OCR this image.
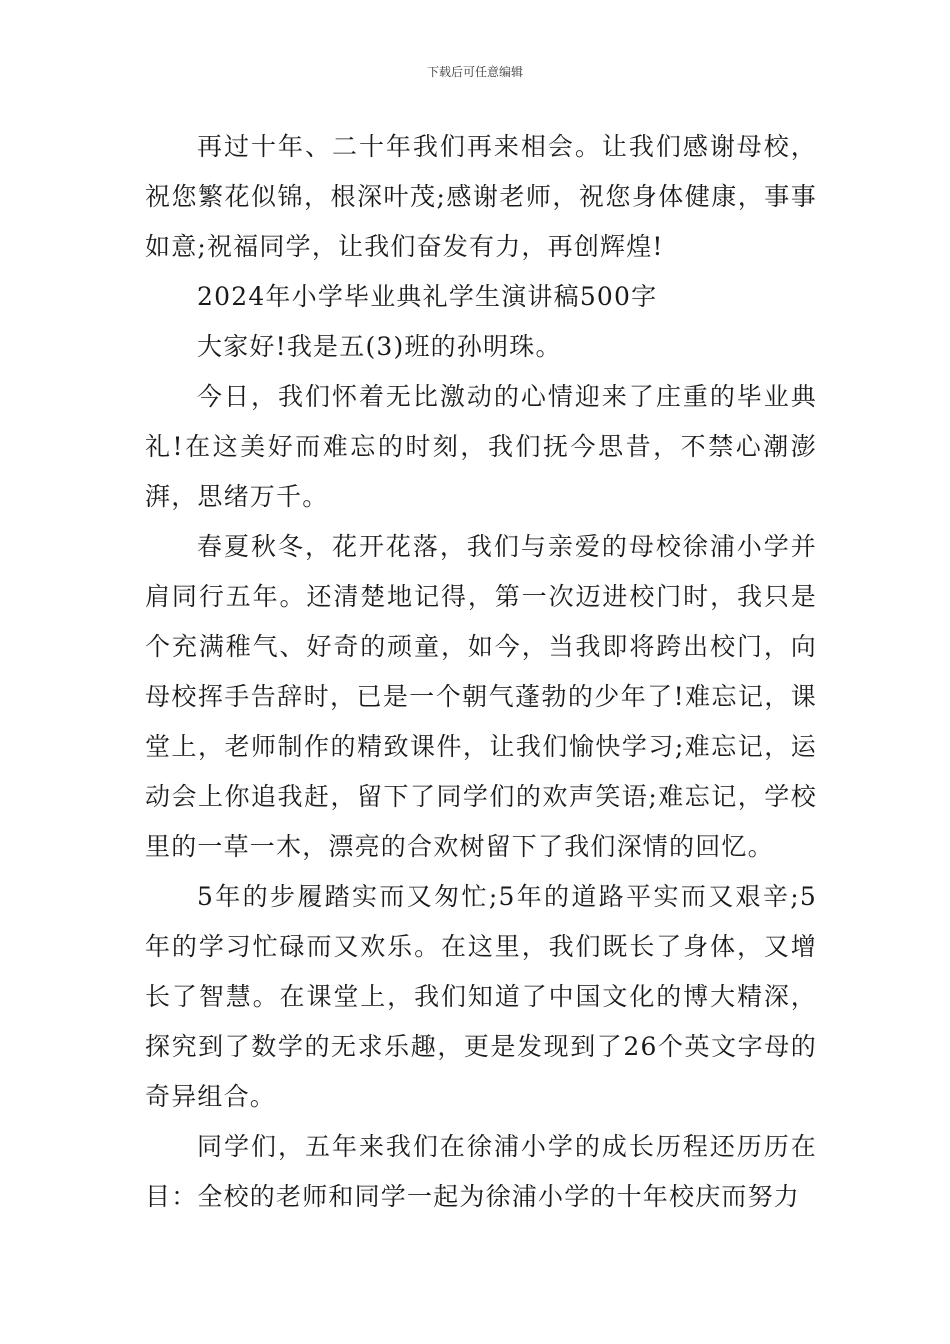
下载后可任意编辑

再过十年、二十年我们再来相会。让我们感谢母校，祝您繁花似锦，根深叶茂;感谢老师，祝您身体健康，事事如意;祝福同学，让我们奋发有力，再创辉煌!

2024年小学毕业典礼学生演讲稿500字

大家好!我是五(3)班的孙明珠。

今日，我们怀着无比激动的心情迎来了庄重的毕业典礼!在这美好而难忘的时刻，我们抚今思昔，不禁心潮澎湃，思绪万千。

春夏秋冬，花开花落，我们与亲爱的母校徐浦小学并肩同行五年。还清楚地记得，第一次迈进校门时，我只是个充满稚气、好奇的顽童，如今，当我即将跨出校门，向母校挥手告辞时，已是一个朝气蓬勃的少年了!难忘记，课堂上，老师制作的精致课件，让我们愉快学习;难忘记，运动会上你追我赶，留下了同学们的欢声笑语;难忘记，学校里的一草一木，漂亮的合欢树留下了我们深情的回忆。

5年的步履踏实而又匆忙;5年的道路平实而又艰辛;5年的学习忙碌而又欢乐。在这里，我们既长了身体，又增长了智慧。在课堂上，我们知道了中国文化的博大精深，探究到了数学的无求乐趣，更是发现到了26个英文字母的奇异组合。

同学们，五年来我们在徐浦小学的成长历程还历历在目：全校的老师和同学一起为徐浦小学的十年校庆而努力
